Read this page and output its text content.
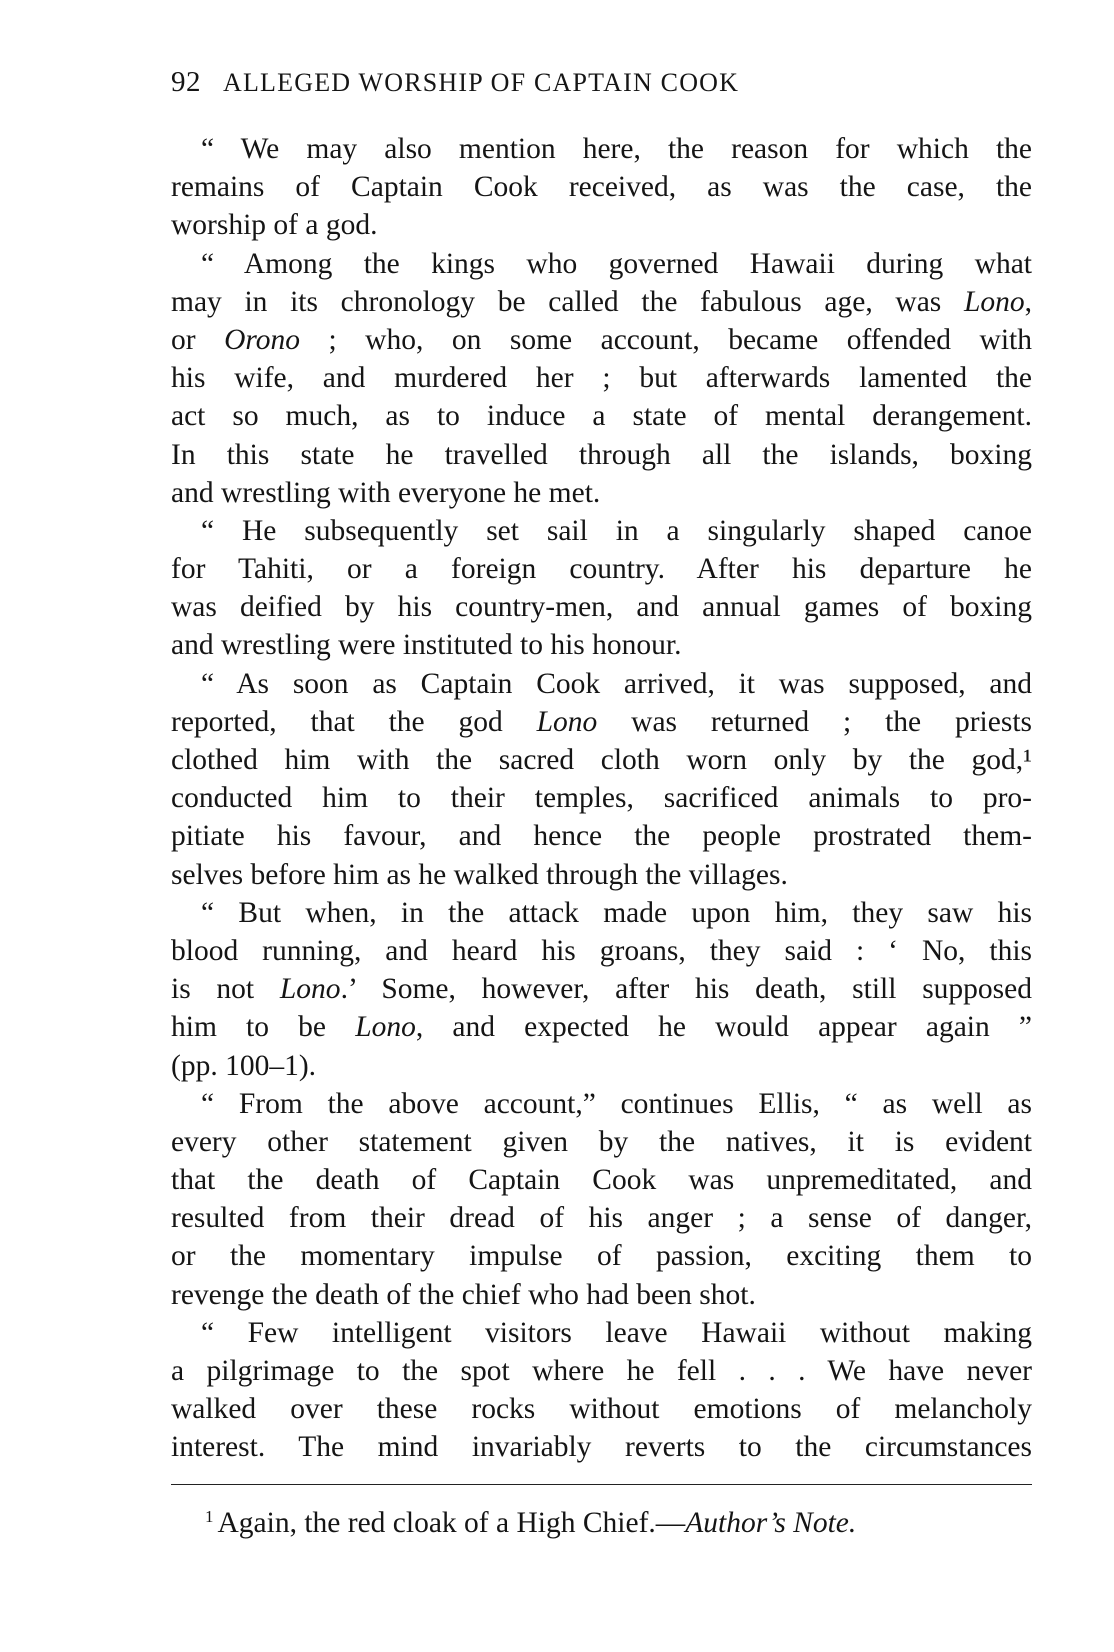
92 ALLEGED WORSHIP OF CAPTAIN COOK
“ We may also mention here, the reason for which the
remains of Captain Cook received, as was the case, the
worship of a god.
“ Among the kings who governed Hawaii during what
may in its chronology be called the fabulous age, was Lono,
or Orono ; who, on some account, became offended with
his wife, and murdered her ; but afterwards lamented the
act so much, as to induce a state of mental derangement.
In this state he travelled through all the islands, boxing
and wrestling with everyone he met.
“ He subsequently set sail in a singularly shaped canoe
for Tahiti, or a foreign country. After his departure he
was deified by his country-men, and annual games of boxing
and wrestling were instituted to his honour.
“ As soon as Captain Cook arrived, it was supposed, and
reported, that the god Lono was returned ; the priests
clothed him with the sacred cloth worn only by the god,¹
conducted him to their temples, sacrificed animals to pro-
pitiate his favour, and hence the people prostrated them-
selves before him as he walked through the villages.
“ But when, in the attack made upon him, they saw his
blood running, and heard his groans, they said : ‘ No, this
is not Lono.’ Some, however, after his death, still supposed
him to be Lono, and expected he would appear again ”
(pp. 100–1).
“ From the above account,” continues Ellis, “ as well as
every other statement given by the natives, it is evident
that the death of Captain Cook was unpremeditated, and
resulted from their dread of his anger ; a sense of danger,
or the momentary impulse of passion, exciting them to
revenge the death of the chief who had been shot.
“ Few intelligent visitors leave Hawaii without making
a pilgrimage to the spot where he fell . . . We have never
walked over these rocks without emotions of melancholy
interest. The mind invariably reverts to the circumstances
$^1$ Again, the red cloak of a High Chief.—Author’s Note.
